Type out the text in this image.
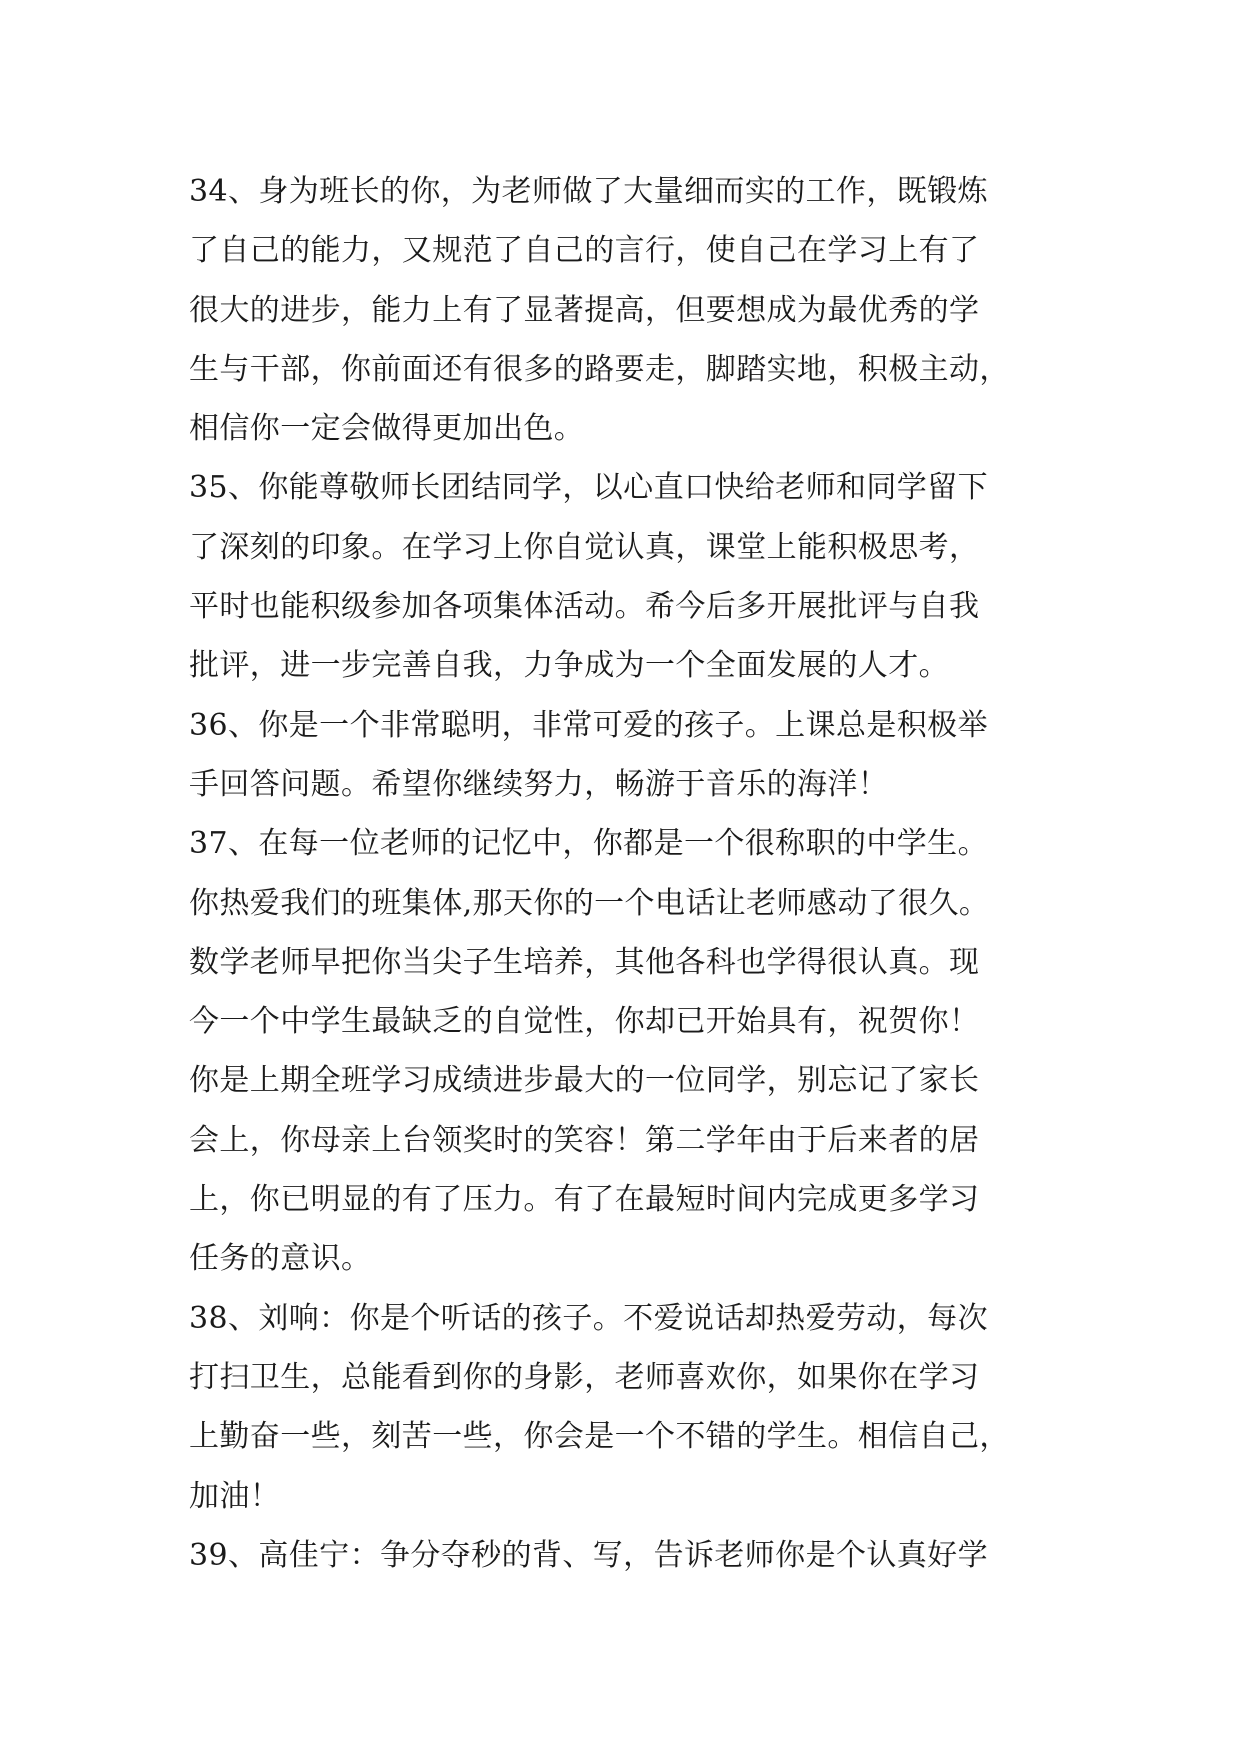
34、身为班长的你，为老师做了大量细而实的工作，既锻炼
了自己的能力，又规范了自己的言行，使自己在学习上有了
很大的进步，能力上有了显著提高，但要想成为最优秀的学
生与干部，你前面还有很多的路要走，脚踏实地，积极主动，
相信你一定会做得更加出色。
35、你能尊敬师长团结同学，以心直口快给老师和同学留下
了深刻的印象。在学习上你自觉认真，课堂上能积极思考，
平时也能积级参加各项集体活动。希今后多开展批评与自我
批评，进一步完善自我，力争成为一个全面发展的人才。
36、你是一个非常聪明，非常可爱的孩子。上课总是积极举
手回答问题。希望你继续努力，畅游于音乐的海洋！
37、在每一位老师的记忆中，你都是一个很称职的中学生。
你热爱我们的班集体,那天你的一个电话让老师感动了很久。
数学老师早把你当尖子生培养，其他各科也学得很认真。现
今一个中学生最缺乏的自觉性，你却已开始具有，祝贺你！
你是上期全班学习成绩进步最大的一位同学，别忘记了家长
会上，你母亲上台领奖时的笑容！第二学年由于后来者的居
上，你已明显的有了压力。有了在最短时间内完成更多学习
任务的意识。
38、刘响：你是个听话的孩子。不爱说话却热爱劳动，每次
打扫卫生，总能看到你的身影，老师喜欢你，如果你在学习
上勤奋一些，刻苦一些，你会是一个不错的学生。相信自己，
加油！
39、高佳宁：争分夺秒的背、写，告诉老师你是个认真好学
